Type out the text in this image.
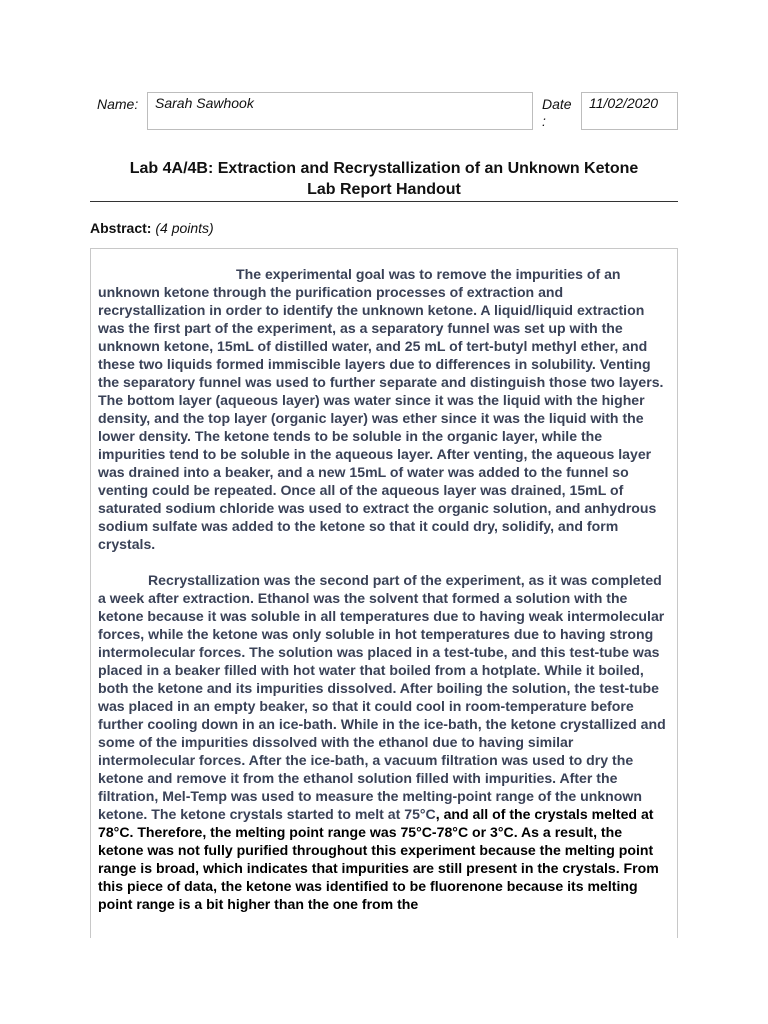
Name:	Sarah Sawhook	Date :
11/02/2020
Lab 4A/4B: Extraction and Recrystallization of an Unknown Ketone
Lab Report Handout
Abstract: (4 points)

The experimental goal was to remove the impurities of an unknown ketone through the purification processes of extraction and recrystallization in order to identify the unknown ketone. A liquid/liquid extraction was the first part of the experiment, as a separatory funnel was set up with the unknown ketone, 15mL of distilled water, and 25 mL of tert-butyl methyl ether, and these two liquids formed immiscible layers due to differences in solubility. Venting the separatory funnel was used to further separate and distinguish those two layers. The bottom layer (aqueous layer) was water since it was the liquid with the higher density, and the top layer (organic layer) was ether since it was the liquid with the lower density. The ketone tends to be soluble in the organic layer, while the impurities tend to be soluble in the aqueous layer. After venting, the aqueous layer was drained into a beaker, and a new 15mL of water was added to the funnel so venting could be repeated. Once all of the aqueous layer was drained, 15mL of saturated sodium chloride was used to extract the organic solution, and anhydrous sodium sulfate was added to the ketone so that it could dry, solidify, and form crystals.

Recrystallization was the second part of the experiment, as it was completed a week after extraction. Ethanol was the solvent that formed a solution with the ketone because it was soluble in all temperatures due to having weak intermolecular forces, while the ketone was only soluble in hot temperatures due to having strong intermolecular forces. The solution was placed in a test-tube, and this test-tube was placed in a beaker filled with hot water that boiled from a hotplate. While it boiled, both the ketone and its impurities dissolved. After boiling the solution, the test-tube was placed in an empty beaker, so that it could cool in room-temperature before further cooling down in an ice-bath. While in the ice-bath, the ketone crystallized and some of the impurities dissolved with the ethanol due to having similar intermolecular forces. After the ice-bath, a vacuum filtration was used to dry the ketone and remove it from the ethanol solution filled with impurities. After the filtration, Mel-Temp was used to measure the melting-point range of the unknown ketone. The ketone crystals started to melt at 75°C, and all of the crystals melted at 78°C. Therefore, the melting point range was 75°C-78°C or 3°C. As a result, the ketone was not fully purified throughout this experiment because the melting point range is broad, which indicates that impurities are still present in the crystals. From this piece of data, the ketone was identified to be fluorenone because its melting point range is a bit higher than the one from the
